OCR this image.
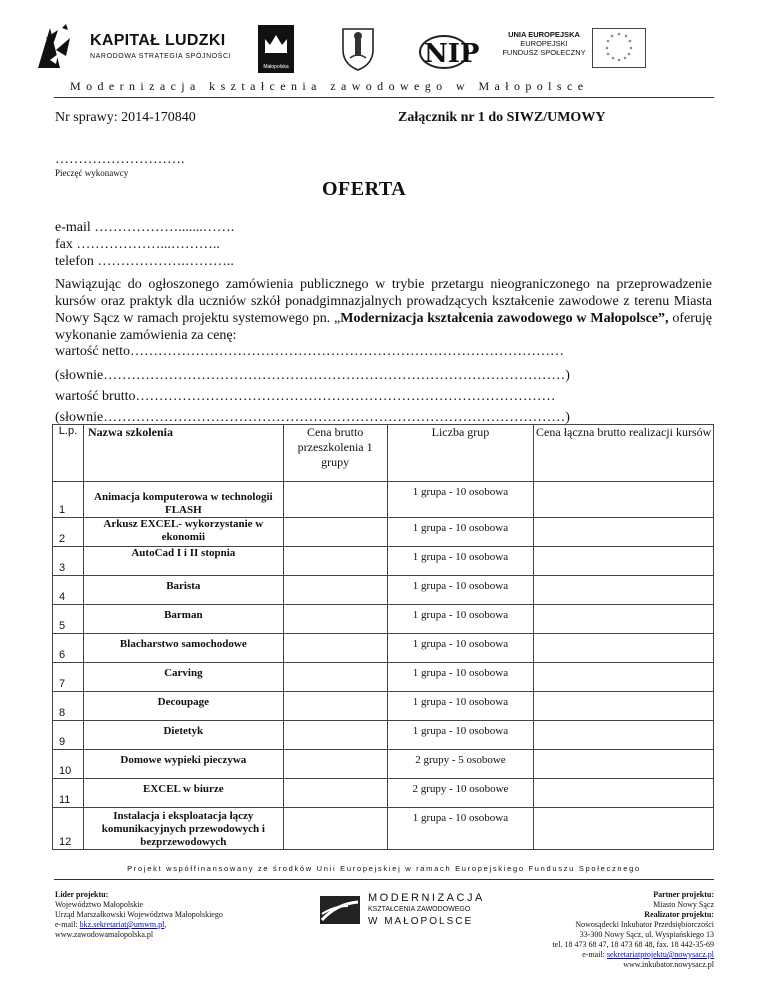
KAPITAŁ LUDZKI
NARODOWA STRATEGIA SPÓJNOŚCI
Małopolska	NIP
UNIA EUROPEJSKA
EUROPEJSKI
FUNDUSZ SPOŁECZNY
* *
*
*
*
*
*
*
*
*
*
*
Modernizacja kształcenia zawodowego w Małopolsce
Nr sprawy: 2014-170840	Załącznik nr 1 do SIWZ/UMOWY
……………………….
Pieczęć wykonawcy
OFERTA
e-mail ……………….......…….
fax ………………...………..
telefon ……………….………..
Nawiązując do ogłoszonego zamówienia publicznego w trybie przetargu nieograniczonego na przeprowadzenie kursów oraz praktyk dla uczniów szkół ponadgimnazjalnych prowadzących kształcenie zawodowe z terenu Miasta Nowy Sącz w ramach projektu systemowego pn. „Modernizacja kształcenia zawodowego w Małopolsce”, oferuję wykonanie zamówienia za cenę:
wartość netto…………………………………………………………………………………
(słownie………………………………………………………………………………………)
wartość brutto………………………………………………………………………………
(słownie………………………………………………………………………………………)
L.p.	Nazwa szkolenia	Cena brutto przeszkolenia 1 grupy	Liczba grup	Cena łączna brutto realizacji kursów

1	Animacja komputerowa w technologii FLASH		1 grupa - 10 osobowa	

2	Arkusz EXCEL- wykorzystanie w ekonomii		1 grupa - 10 osobowa	

3	AutoCad I i II stopnia		1 grupa - 10 osobowa	

4	Barista		1 grupa - 10 osobowa	

5	Barman		1 grupa - 10 osobowa	

6	Blacharstwo samochodowe		1 grupa - 10 osobowa	

7	Carving		1 grupa - 10 osobowa	

8	Decoupage		1 grupa - 10 osobowa	

9	Dietetyk		1 grupa - 10 osobowa	

10	Domowe wypieki pieczywa		2 grupy - 5 osobowe	

11	EXCEL w biurze		2 grupy - 10 osobowe	

12	Instalacja i eksploatacja łączy komunikacyjnych przewodowych i bezprzewodowych		1 grupa - 10 osobowa	
Projekt współfinansowany ze środków Unii Europejskiej w ramach Europejskiego Funduszu Społecznego
Lider projektu:
Województwo Małopolskie
Urząd Marszałkowski Województwa Małopolskiego
e-mail: bkz.sekretariat@umwm.pl,
www.zawodowamalopolska.pl
MODERNIZACJA
KSZTAŁCENIA ZAWODOWEGO
W MAŁOPOLSCE
Partner projektu:
Miasto Nowy Sącz
Realizator projektu:
Nowosądecki Inkubator Przedsiębiorczości
33-300 Nowy Sącz, ul. Wyspiańskiego 13
tel. 18 473 68 47, 18 473 68 48, fax. 18 442-35-69
e-mail: sekretariatprojektu@nowysacz.pl
www.inkubator.nowysacz.pl
